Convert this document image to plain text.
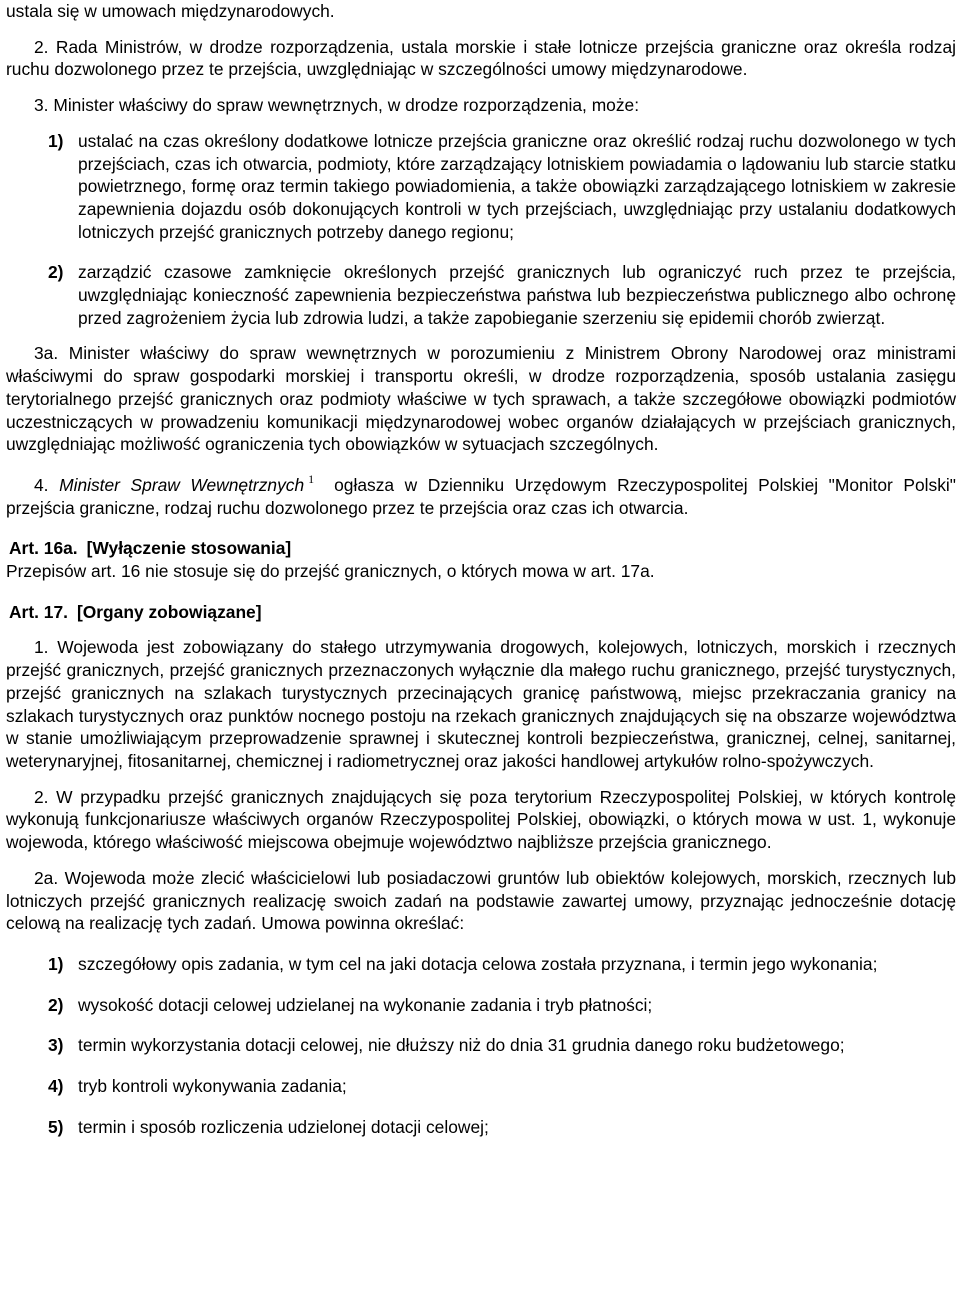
ustala się w umowach międzynarodowych.

2. Rada Ministrów, w drodze rozporządzenia, ustala morskie i stałe lotnicze przejścia graniczne oraz określa rodzaj ruchu dozwolonego przez te przejścia, uwzględniając w szczególności umowy międzynarodowe.

3. Minister właściwy do spraw wewnętrznych, w drodze rozporządzenia, może:

1) ustalać na czas określony dodatkowe lotnicze przejścia graniczne oraz określić rodzaj ruchu dozwolonego w tych przejściach, czas ich otwarcia, podmioty, które zarządzający lotniskiem powiadamia o lądowaniu lub starcie statku powietrznego, formę oraz termin takiego powiadomienia, a także obowiązki zarządzającego lotniskiem w zakresie zapewnienia dojazdu osób dokonujących kontroli w tych przejściach, uwzględniając przy ustalaniu dodatkowych lotniczych przejść granicznych potrzeby danego regionu;
2) zarządzić czasowe zamknięcie określonych przejść granicznych lub ograniczyć ruch przez te przejścia, uwzględniając konieczność zapewnienia bezpieczeństwa państwa lub bezpieczeństwa publicznego albo ochronę przed zagrożeniem życia lub zdrowia ludzi, a także zapobieganie szerzeniu się epidemii chorób zwierząt.

3a. Minister właściwy do spraw wewnętrznych w porozumieniu z Ministrem Obrony Narodowej oraz ministrami właściwymi do spraw gospodarki morskiej i transportu określi, w drodze rozporządzenia, sposób ustalania zasięgu terytorialnego przejść granicznych oraz podmioty właściwe w tych sprawach, a także szczegółowe obowiązki podmiotów uczestniczących w prowadzeniu komunikacji międzynarodowej wobec organów działających w przejściach granicznych, uwzględniając możliwość ograniczenia tych obowiązków w sytuacjach szczególnych.

4. Minister Spraw Wewnętrznych $^1$ ogłasza w Dzienniku Urzędowym Rzeczypospolitej Polskiej "Monitor Polski" przejścia graniczne, rodzaj ruchu dozwolonego przez te przejścia oraz czas ich otwarcia.

Art. 16a. [Wyłączenie stosowania]

Przepisów art. 16 nie stosuje się do przejść granicznych, o których mowa w art. 17a.

Art. 17. [Organy zobowiązane]

1. Wojewoda jest zobowiązany do stałego utrzymywania drogowych, kolejowych, lotniczych, morskich i rzecznych przejść granicznych, przejść granicznych przeznaczonych wyłącznie dla małego ruchu granicznego, przejść turystycznych, przejść granicznych na szlakach turystycznych przecinających granicę państwową, miejsc przekraczania granicy na szlakach turystycznych oraz punktów nocnego postoju na rzekach granicznych znajdujących się na obszarze województwa w stanie umożliwiającym przeprowadzenie sprawnej i skutecznej kontroli bezpieczeństwa, granicznej, celnej, sanitarnej, weterynaryjnej, fitosanitarnej, chemicznej i radiometrycznej oraz jakości handlowej artykułów rolno-spożywczych.

2. W przypadku przejść granicznych znajdujących się poza terytorium Rzeczypospolitej Polskiej, w których kontrolę wykonują funkcjonariusze właściwych organów Rzeczypospolitej Polskiej, obowiązki, o których mowa w ust. 1, wykonuje wojewoda, którego właściwość miejscowa obejmuje województwo najbliższe przejścia granicznego.

2a. Wojewoda może zlecić właścicielowi lub posiadaczowi gruntów lub obiektów kolejowych, morskich, rzecznych lub lotniczych przejść granicznych realizację swoich zadań na podstawie zawartej umowy, przyznając jednocześnie dotację celową na realizację tych zadań. Umowa powinna określać:

1) szczegółowy opis zadania, w tym cel na jaki dotacja celowa została przyznana, i termin jego wykonania;
2) wysokość dotacji celowej udzielanej na wykonanie zadania i tryb płatności;
3) termin wykorzystania dotacji celowej, nie dłuższy niż do dnia 31 grudnia danego roku budżetowego;
4) tryb kontroli wykonywania zadania;
5) termin i sposób rozliczenia udzielonej dotacji celowej;
